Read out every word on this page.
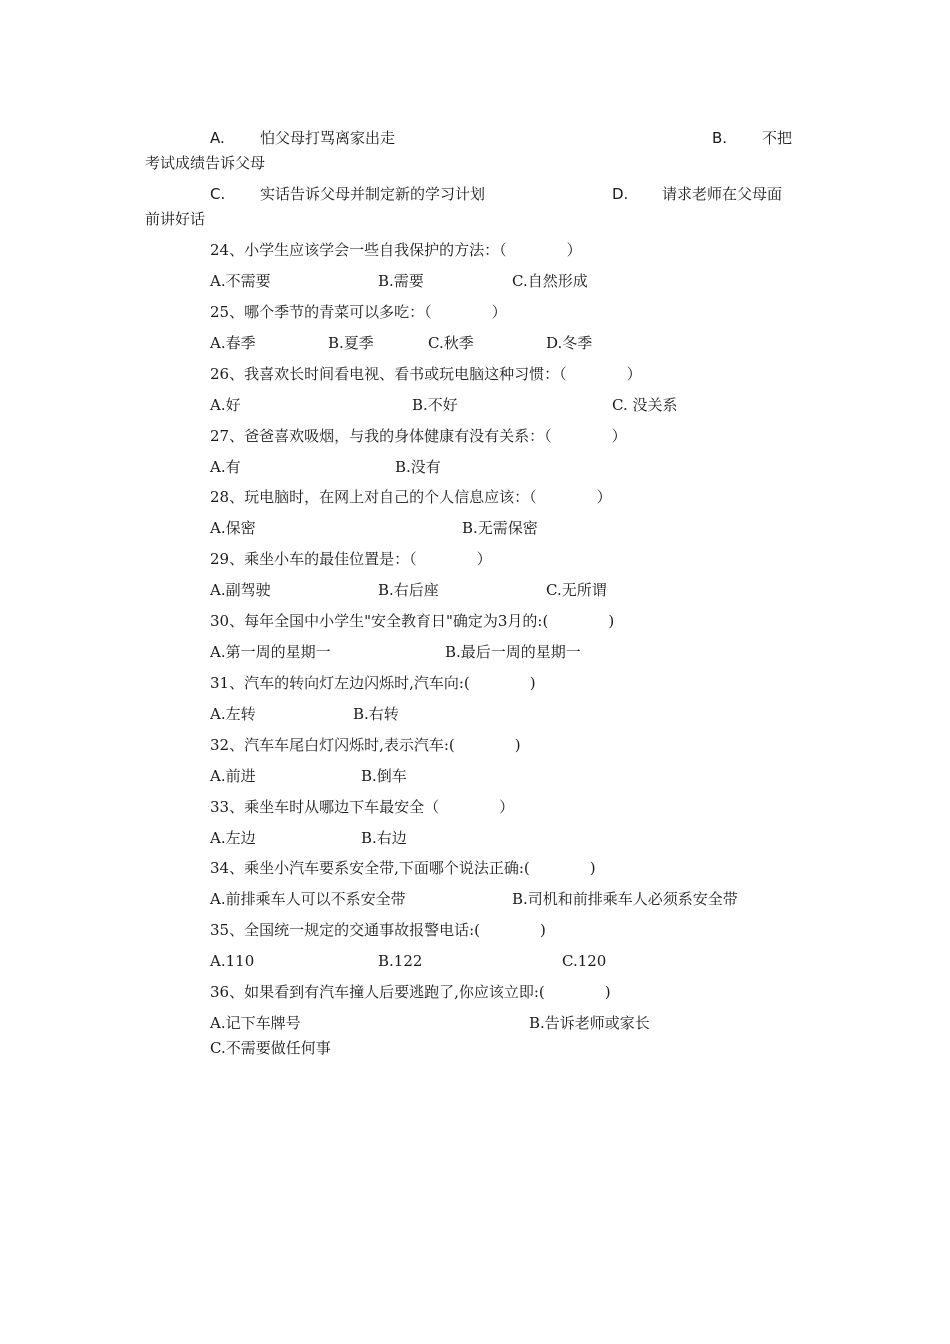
A. 怕父母打骂离家出走	B. 不把
考试成绩告诉父母
C. 实话告诉父母并制定新的学习计划	D. 请求老师在父母面
前讲好话
24、小学生应该学会一些自我保护的方法：（　　　　）
A.不需要	B.需要	C.自然形成
25、哪个季节的青菜可以多吃：（　　　　）
A.春季	B.夏季	C.秋季	D.冬季
26、我喜欢长时间看电视、看书或玩电脑这种习惯：（　　　　）
A.好	B.不好	C. 没关系
27、爸爸喜欢吸烟，与我的身体健康有没有关系：（　　　　）
A.有	B.没有
28、玩电脑时，在网上对自己的个人信息应该：（　　　　）
A.保密	B.无需保密
29、乘坐小车的最佳位置是：（　　　　）
A.副驾驶	B.右后座	C.无所谓
30、每年全国中小学生"安全教育日"确定为3月的:(　　　　)
A.第一周的星期一	B.最后一周的星期一
31、汽车的转向灯左边闪烁时,汽车向:(　　　　)
A.左转	B.右转
32、汽车车尾白灯闪烁时,表示汽车:(　　　　)
A.前进	B.倒车
33、乘坐车时从哪边下车最安全（　　　　）
A.左边	B.右边
34、乘坐小汽车要系安全带,下面哪个说法正确:(　　　　)
A.前排乘车人可以不系安全带	B.司机和前排乘车人必须系安全带
35、全国统一规定的交通事故报警电话:(　　　　)
A.110	B.122	C.120
36、如果看到有汽车撞人后要逃跑了,你应该立即:(　　　　)
A.记下车牌号	B.告诉老师或家长
C.不需要做任何事
